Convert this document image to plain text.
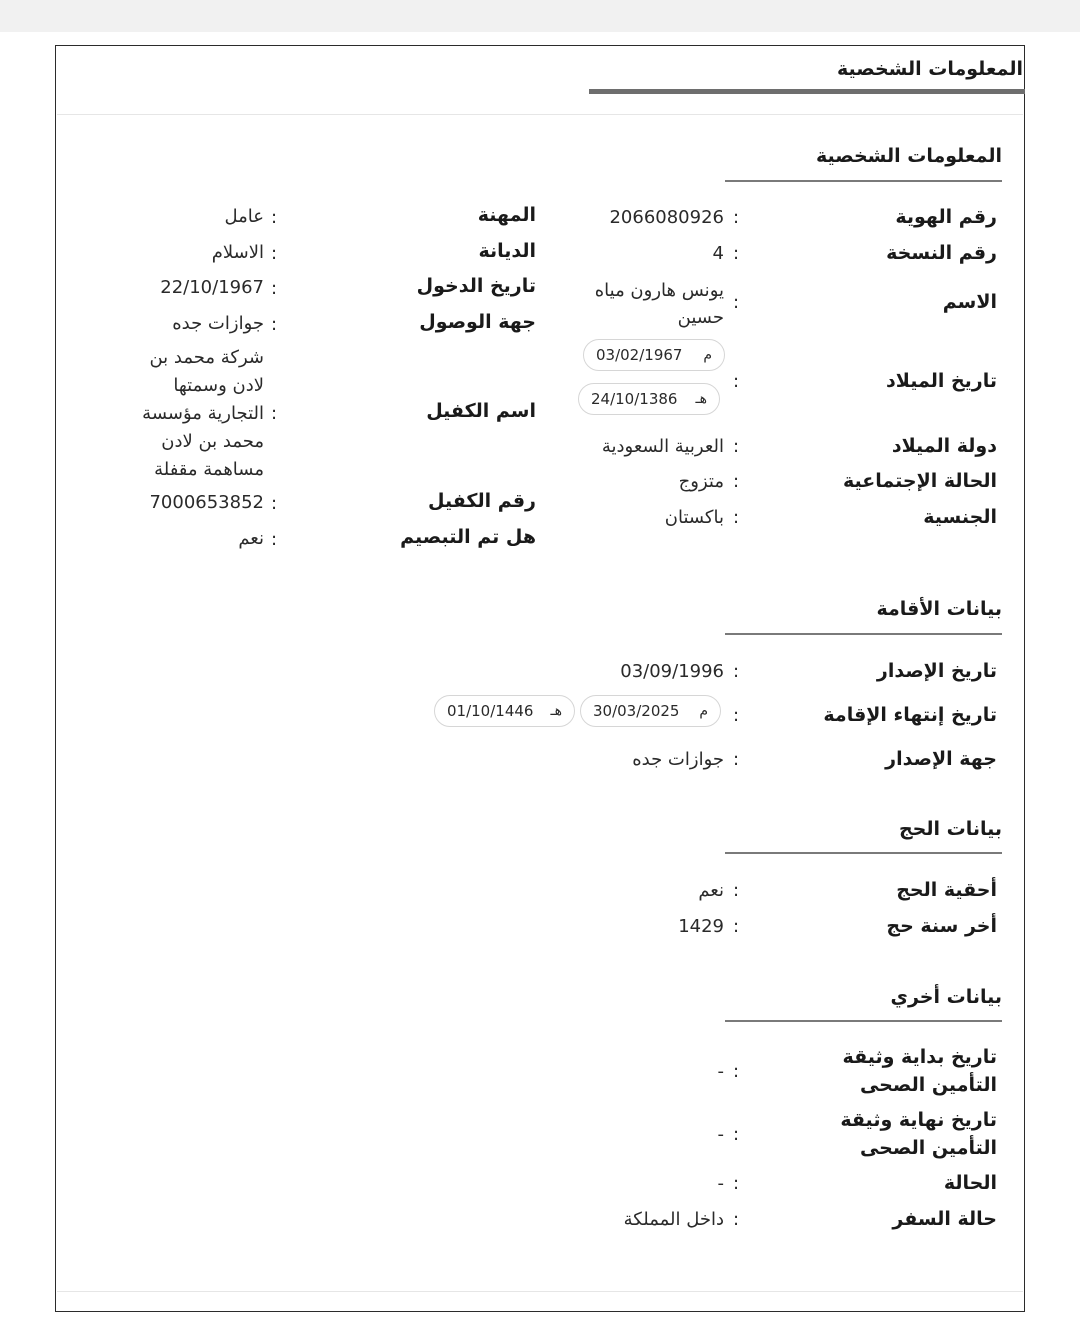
المعلومات الشخصية
المعلومات الشخصية
رقم الهوية
:
2066080926
رقم النسخة
:
4
الاسم
:
يونس هارون مياه حسين
تاريخ الميلاد
:
03/02/1967 م
24/10/1386 هـ
دولة الميلاد
:
العربية السعودية
الحالة الإجتماعية
:
متزوج
الجنسية
:
باكستان
المهنة
:
عامل
الديانة
:
الاسلام
تاريخ الدخول
:
22/10/1967
جهة الوصول
:
جوازات جده
اسم الكفيل
:
شركة محمد بن لادن وسمتها التجارية مؤسسة محمد بن لادن مساهمة مقفلة
رقم الكفيل
:
7000653852
هل تم التبصيم
:
نعم
بيانات الأقامة
تاريخ الإصدار
:
03/09/1996
تاريخ إنتهاء الإقامة
:
30/03/2025 م
01/10/1446 هـ
جهة الإصدار
:
جوازات جده
بيانات الحج
أحقية الحج
:
نعم
أخر سنة حج
:
1429
بيانات أخري
تاريخ بداية وثيقة التأمين الصحى
:
-
تاريخ نهاية وثيقة التأمين الصحى
:
-
الحالة
:
-
حالة السفر
:
داخل المملكة
